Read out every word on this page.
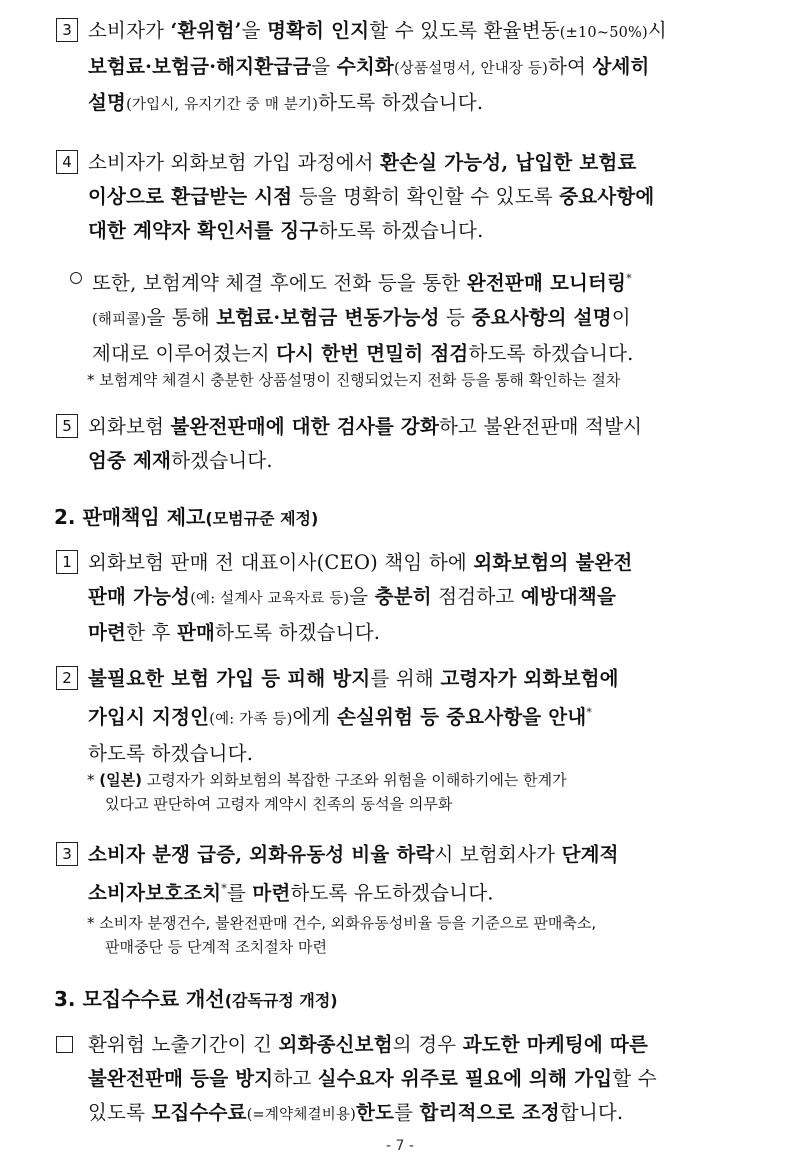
3 소비자가 ‘환위험’을 명확히 인지할 수 있도록 환율변동(±10~50%)시
보험료·보험금·해지환급금을 수치화(상품설명서, 안내장 등)하여 상세히
설명(가입시, 유지기간 중 매 분기)하도록 하겠습니다.
4 소비자가 외화보험 가입 과정에서 환손실 가능성, 납입한 보험료
이상으로 환급받는 시점 등을 명확히 확인할 수 있도록 중요사항에
대한 계약자 확인서를 징구하도록 하겠습니다.
또한, 보험계약 체결 후에도 전화 등을 통한 완전판매 모니터링*
(해피콜)을 통해 보험료·보험금 변동가능성 등 중요사항의 설명이
제대로 이루어졌는지 다시 한번 면밀히 점검하도록 하겠습니다.
* 보험계약 체결시 충분한 상품설명이 진행되었는지 전화 등을 통해 확인하는 절차
5 외화보험 불완전판매에 대한 검사를 강화하고 불완전판매 적발시
엄중 제재하겠습니다.
2. 판매책임 제고(모범규준 제정)
1 외화보험 판매 전 대표이사(CEO) 책임 하에 외화보험의 불완전
판매 가능성(예: 설계사 교육자료 등)을 충분히 점검하고 예방대책을
마련한 후 판매하도록 하겠습니다.
2 불필요한 보험 가입 등 피해 방지를 위해 고령자가 외화보험에
가입시 지정인(예: 가족 등)에게 손실위험 등 중요사항을 안내*
하도록 하겠습니다.
* (일본) 고령자가 외화보험의 복잡한 구조와 위험을 이해하기에는 한계가
있다고 판단하여 고령자 계약시 친족의 동석을 의무화
3 소비자 분쟁 급증, 외화유동성 비율 하락시 보험회사가 단계적
소비자보호조치*를 마련하도록 유도하겠습니다.
* 소비자 분쟁건수, 불완전판매 건수, 외화유동성비율 등을 기준으로 판매축소,
판매중단 등 단계적 조치절차 마련
3. 모집수수료 개선(감독규정 개정)
환위험 노출기간이 긴 외화종신보험의 경우 과도한 마케팅에 따른
불완전판매 등을 방지하고 실수요자 위주로 필요에 의해 가입할 수
있도록 모집수수료(=계약체결비용)한도를 합리적으로 조정합니다.
- 7 -
